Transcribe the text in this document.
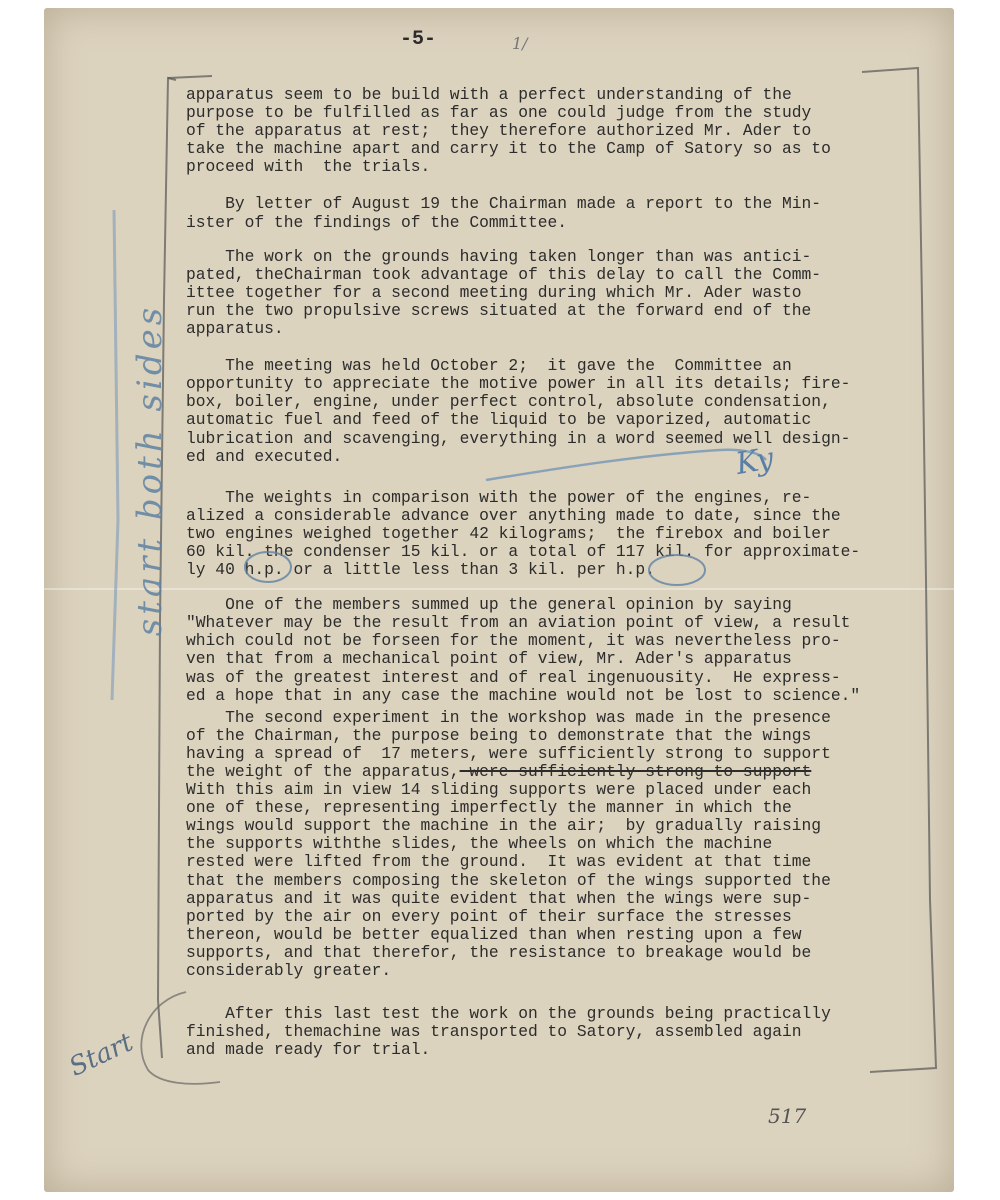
-5-	1/

apparatus seem to be build with a perfect understanding of the

purpose to be fulfilled as far as one could judge from the study

of the apparatus at rest;  they therefore authorized Mr. Ader to

take the machine apart and carry it to the Camp of Satory so as to

proceed with  the trials.

By letter of August 19 the Chairman made a report to the Min-

ister of the findings of the Committee.

The work on the grounds having taken longer than was antici-

pated, theChairman took advantage of this delay to call the Comm-

ittee together for a second meeting during which Mr. Ader wasto

run the two propulsive screws situated at the forward end of the

apparatus.

The meeting was held October 2;  it gave the  Committee an

opportunity to appreciate the motive power in all its details; fire-

box, boiler, engine, under perfect control, absolute condensation,

automatic fuel and feed of the liquid to be vaporized, automatic

lubrication and scavenging, everything in a word seemed well design-

ed and executed.

The weights in comparison with the power of the engines, re-

alized a considerable advance over anything made to date, since the

two engines weighed together 42 kilograms;  the firebox and boiler

60 kil. the condenser 15 kil. or a total of 117 kil. for approximate-

ly 40 h.p. or a little less than 3 kil. per h.p.

One of the members summed up the general opinion by saying

"Whatever may be the result from an aviation point of view, a result

which could not be forseen for the moment, it was nevertheless pro-

ven that from a mechanical point of view, Mr. Ader's apparatus

was of the greatest interest and of real ingenuousity.  He express-

ed a hope that in any case the machine would not be lost to science."

The second experiment in the workshop was made in the presence

of the Chairman, the purpose being to demonstrate that the wings

having a spread of  17 meters, were sufficiently strong to support

the weight of the apparatus, were sufficiently strong to support

With this aim in view 14 sliding supports were placed under each

one of these, representing imperfectly the manner in which the

wings would support the machine in the air;  by gradually raising

the supports withthe slides, the wheels on which the machine

rested were lifted from the ground.  It was evident at that time

that the members composing the skeleton of the wings supported the

apparatus and it was quite evident that when the wings were sup-

ported by the air on every point of their surface the stresses

thereon, would be better equalized than when resting upon a few

supports, and that therefor, the resistance to breakage would be

considerably greater.

After this last test the work on the grounds being practically

finished, themachine was transported to Satory, assembled again

and made ready for trial.

start both sides	Ky
Start
517
